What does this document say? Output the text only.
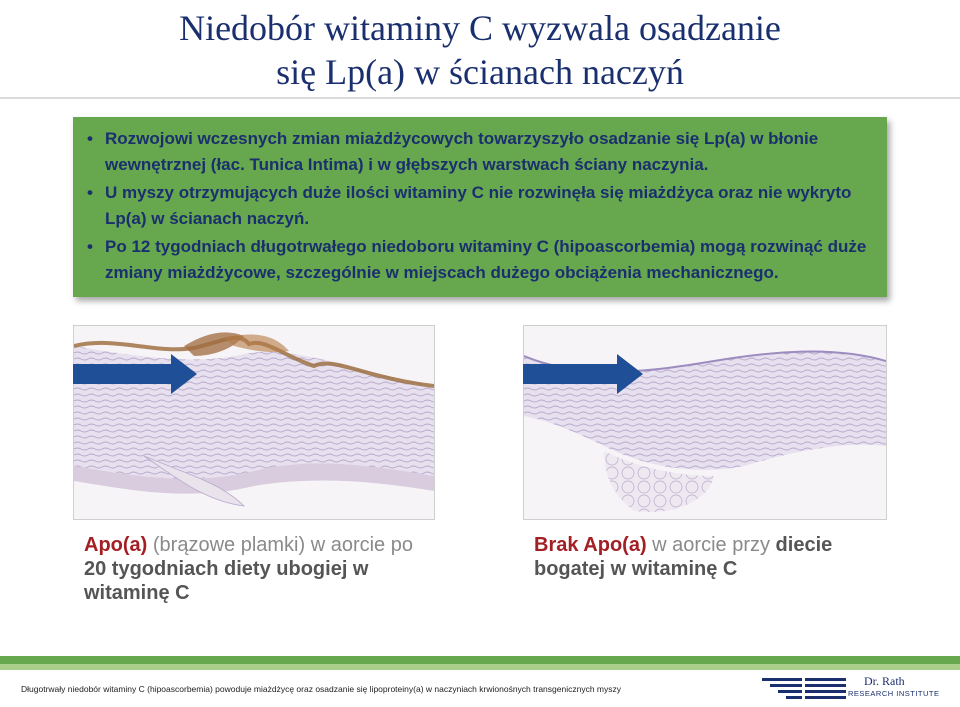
Niedobór witaminy C wyzwala osadzanie
się Lp(a) w ścianach naczyń
• Rozwojowi wczesnych zmian miażdżycowych towarzyszyło osadzanie się Lp(a) w błonie wewnętrznej (łac. Tunica Intima) i w głębszych warstwach ściany naczynia.
• U myszy otrzymujących duże ilości witaminy C nie rozwinęła się miażdżyca oraz nie wykryto Lp(a) w ścianach naczyń.
• Po 12 tygodniach długotrwałego niedoboru witaminy C (hipoascorbemia) mogą rozwinąć duże zmiany miażdżycowe, szczególnie w miejscach dużego obciążenia mechanicznego.
Apo(a) (brązowe plamki) w aorcie po 20 tygodniach diety ubogiej w witaminę C
Brak Apo(a) w aorcie przy diecie
bogatej w witaminę C
Długotrwały niedobór witaminy C (hipoascorbemia) powoduje miażdżycę oraz osadzanie się lipoproteiny(a) w naczyniach krwionośnych transgenicznych myszy
Dr. Rath
RESEARCH INSTITUTE
